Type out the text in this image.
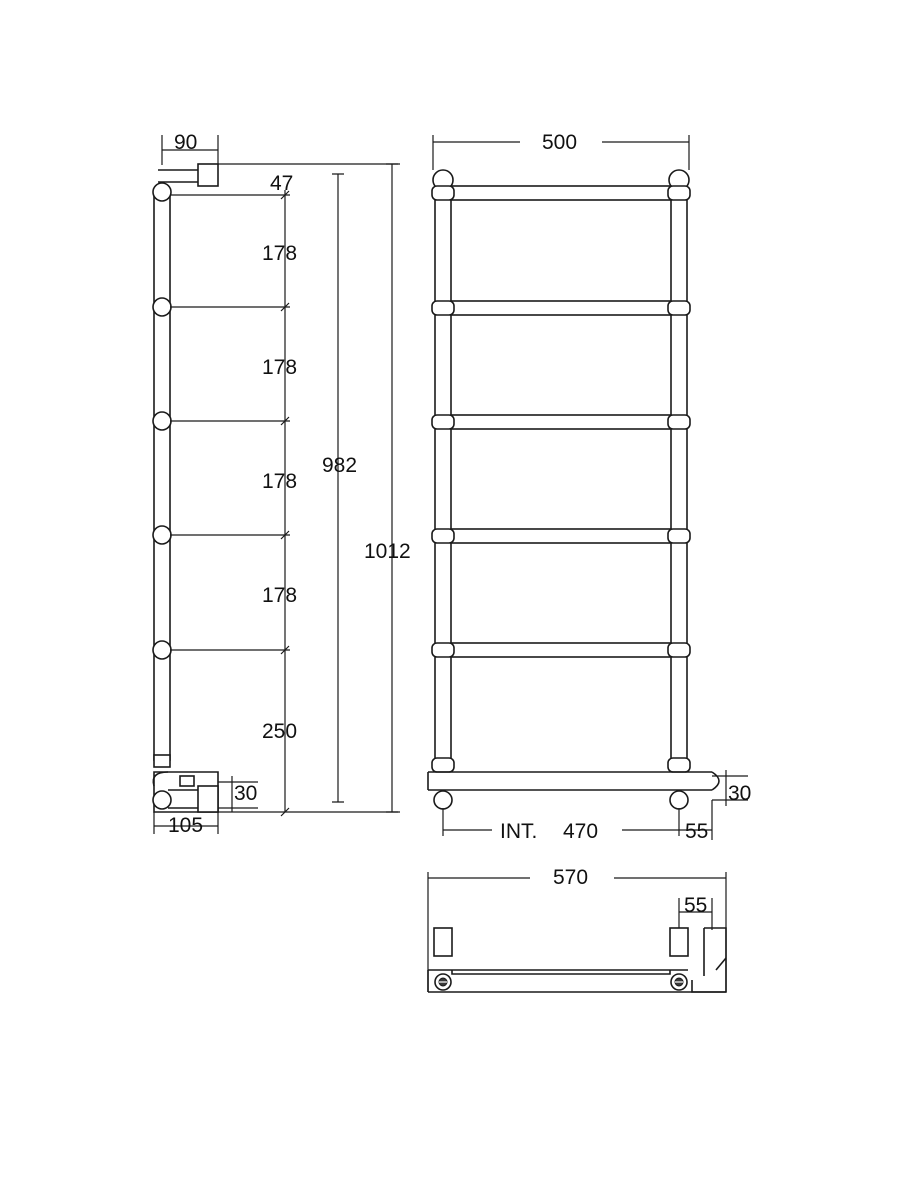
90
47
178
178
178
178
250
982
1012
30
105
500
INT. 470
30
55
570
55
